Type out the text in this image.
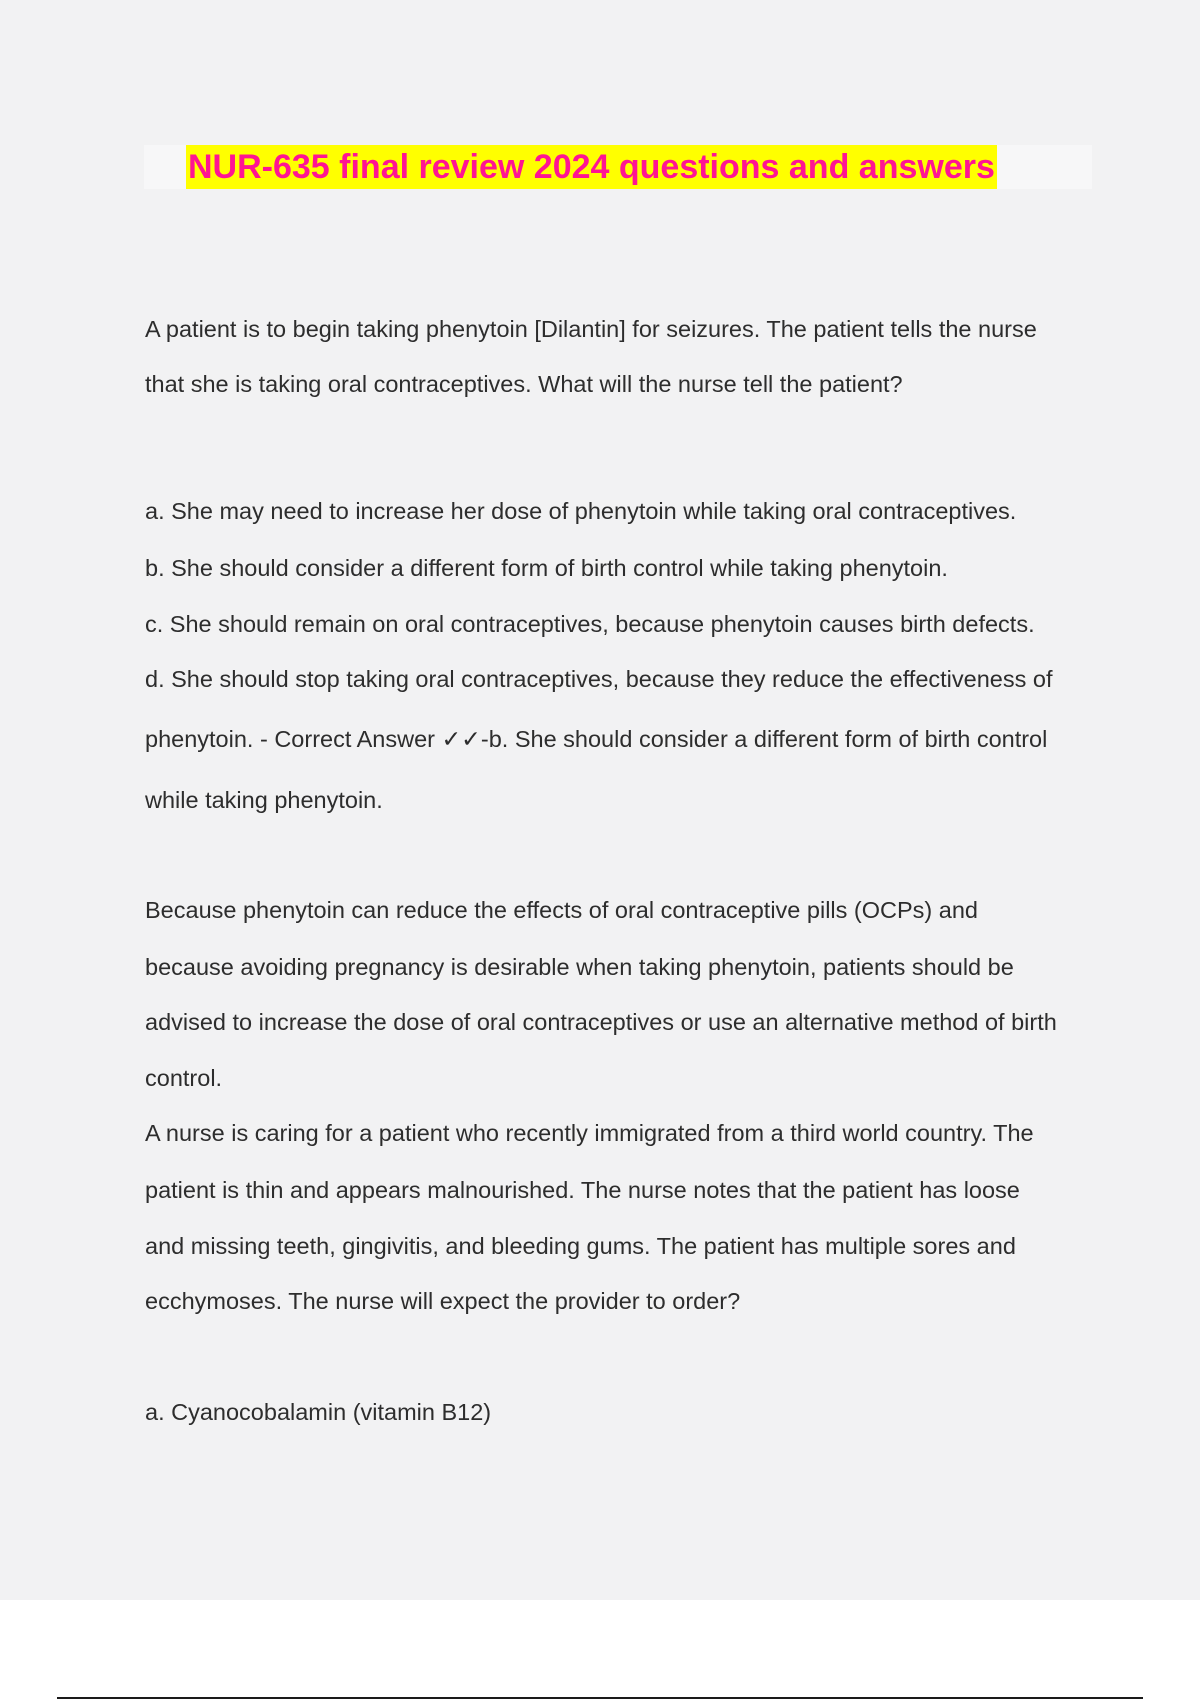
NUR-635 final review 2024 questions and answers
A patient is to begin taking phenytoin [Dilantin] for seizures. The patient tells the nurse
that she is taking oral contraceptives. What will the nurse tell the patient?
a. She may need to increase her dose of phenytoin while taking oral contraceptives.
b. She should consider a different form of birth control while taking phenytoin.
c. She should remain on oral contraceptives, because phenytoin causes birth defects.
d. She should stop taking oral contraceptives, because they reduce the effectiveness of
phenytoin. - Correct Answer ✓✓-b. She should consider a different form of birth control
while taking phenytoin.
Because phenytoin can reduce the effects of oral contraceptive pills (OCPs) and
because avoiding pregnancy is desirable when taking phenytoin, patients should be
advised to increase the dose of oral contraceptives or use an alternative method of birth
control.
A nurse is caring for a patient who recently immigrated from a third world country. The
patient is thin and appears malnourished. The nurse notes that the patient has loose
and missing teeth, gingivitis, and bleeding gums. The patient has multiple sores and
ecchymoses. The nurse will expect the provider to order?
a. Cyanocobalamin (vitamin B12)
